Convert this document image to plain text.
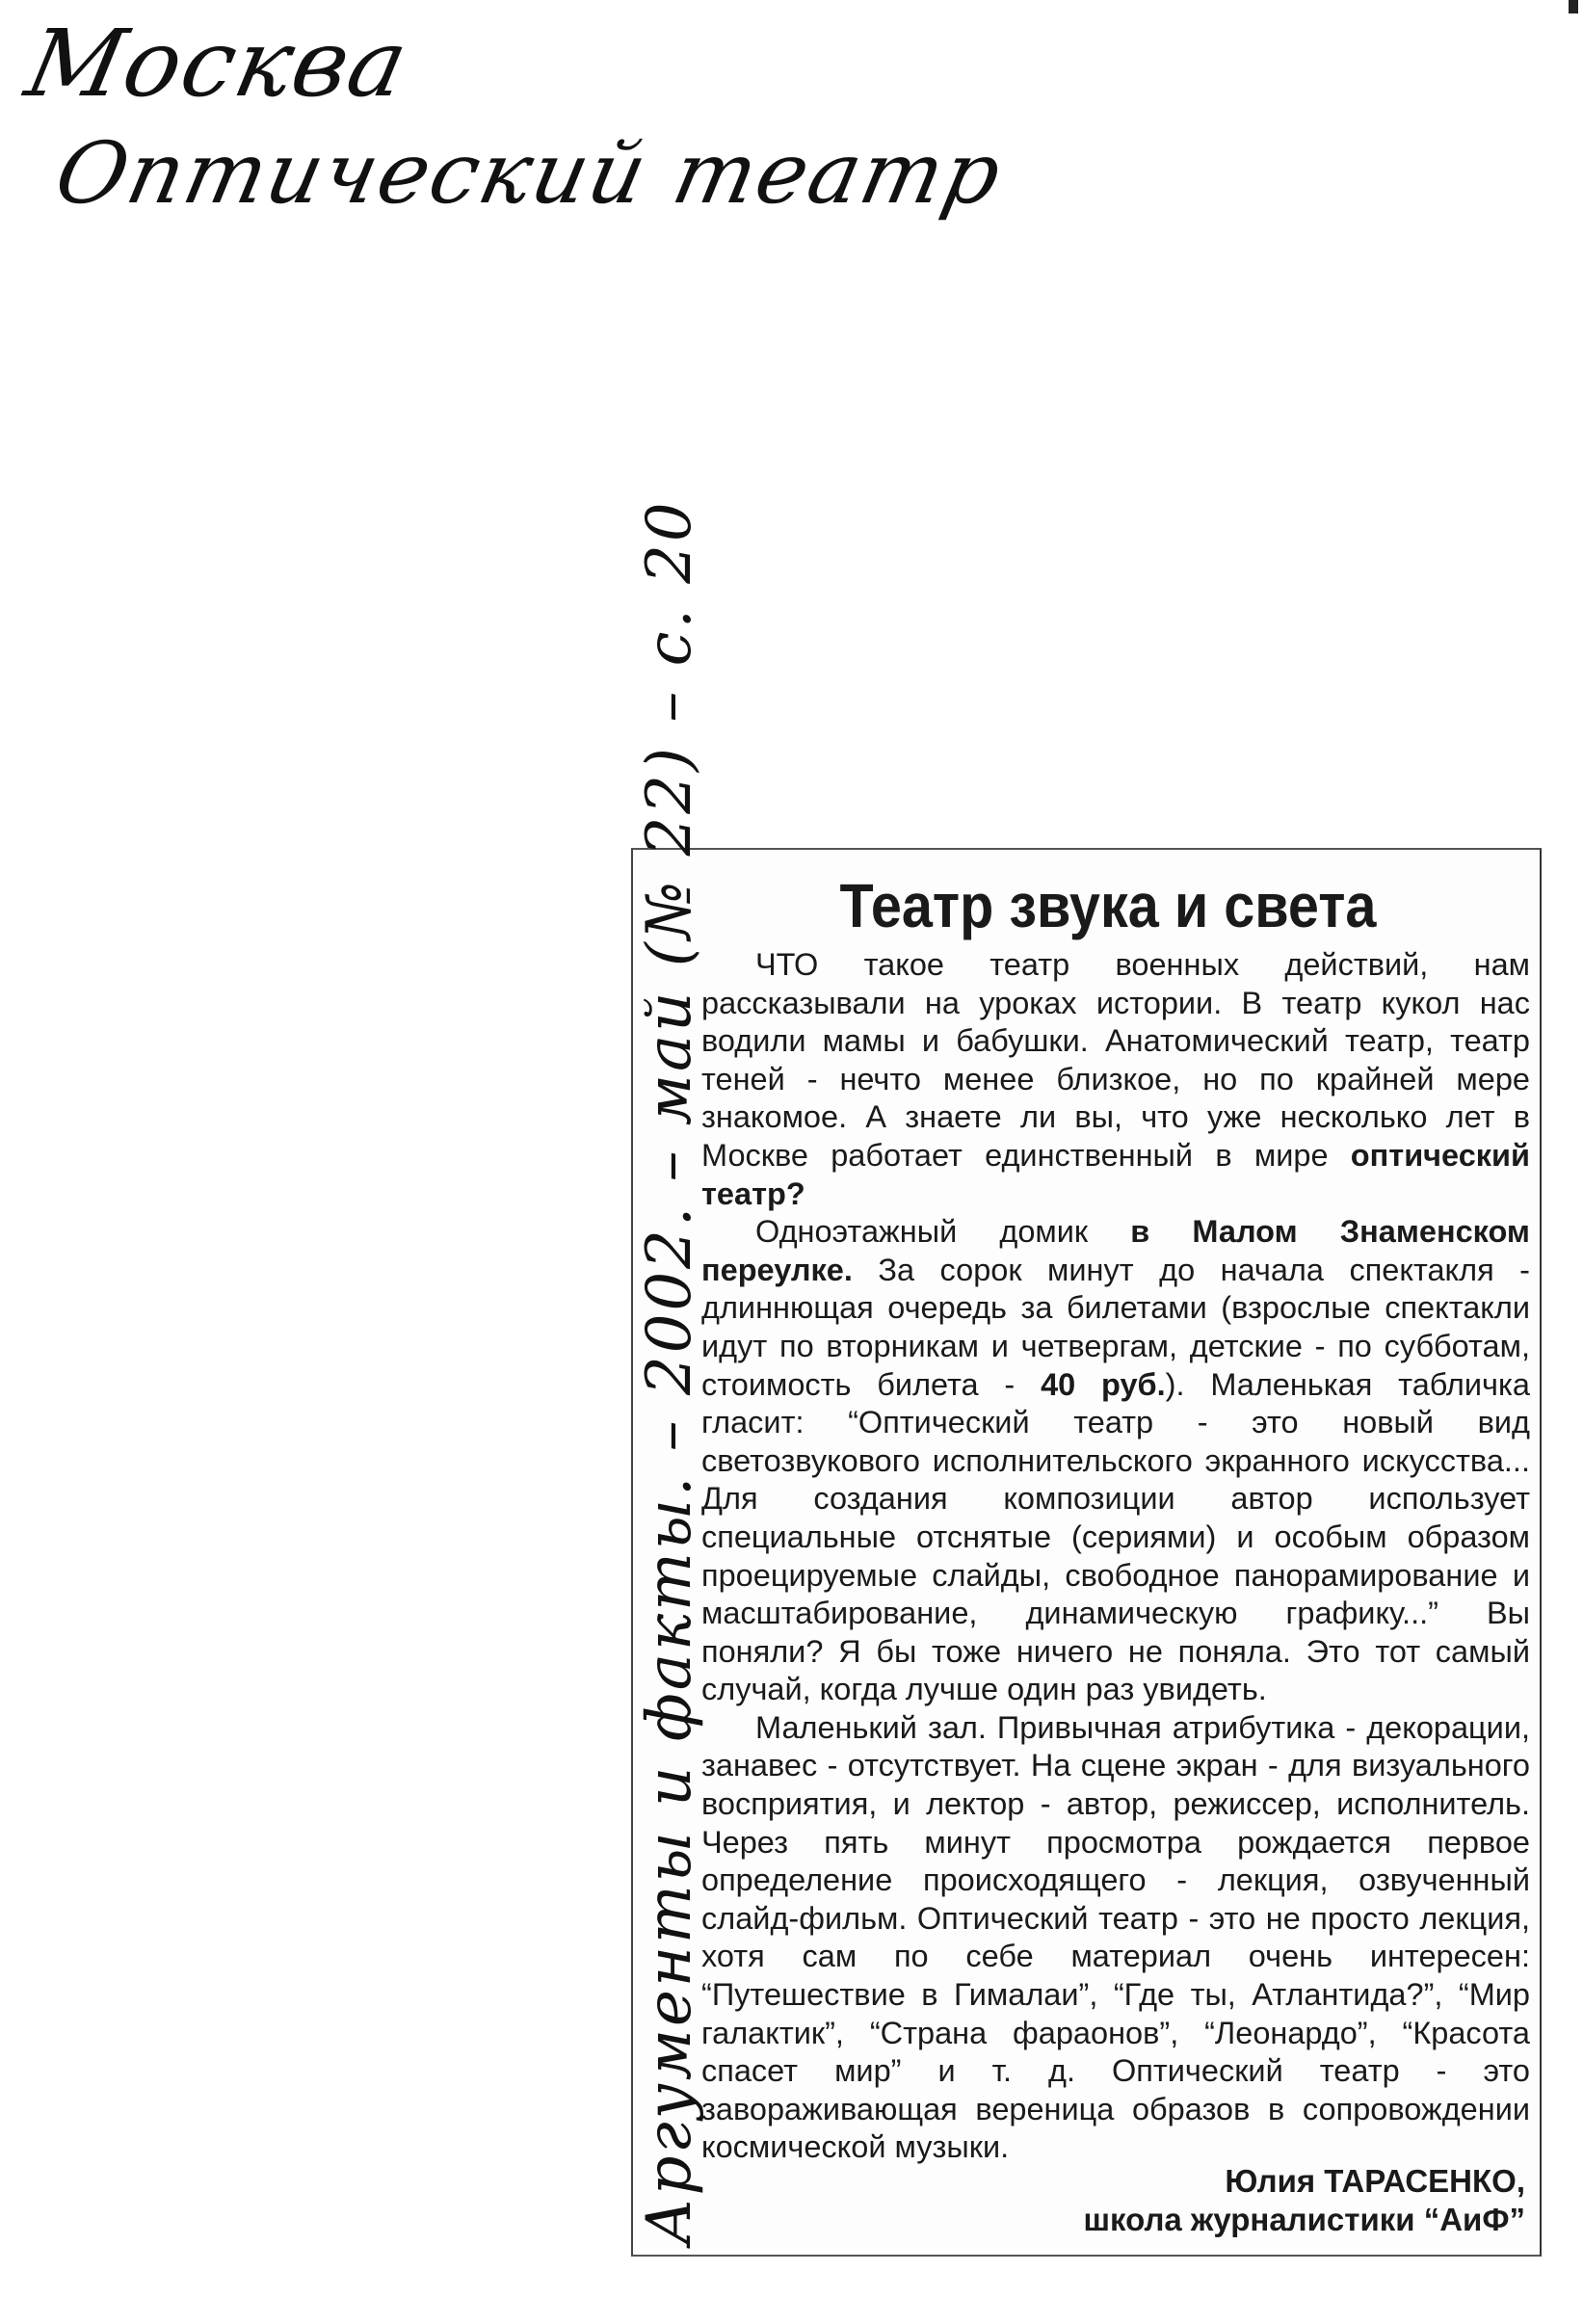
Москва
Оптический театр
Аргументы и факты. – 2002. – май (№ 22) – с. 20	Театр звука и света

ЧТО такое театр военных действий, нам рассказывали на уроках истории. В театр кукол нас водили мамы и бабушки. Анатомический театр, театр теней - нечто менее близкое, но по крайней мере знакомое. А знаете ли вы, что уже несколько лет в Москве работает единственный в мире оптический театр?

Одноэтажный домик в Малом Знаменском переулке. За сорок минут до начала спектакля - длиннющая очередь за билетами (взрослые спектакли идут по вторникам и четвергам, детские - по субботам, стоимость билета - 40 руб.). Маленькая табличка гласит: “Оптический театр - это новый вид светозвукового исполнительского экранного искусства... Для создания композиции автор использует специальные отснятые (сериями) и особым образом проецируемые слайды, свободное панорамирование и масштабирование, динамическую графику...” Вы поняли? Я бы тоже ничего не поняла. Это тот самый случай, когда лучше один раз увидеть.

Маленький зал. Привычная атрибутика - декорации, занавес - отсутствует. На сцене экран - для визуального восприятия, и лектор - автор, режиссер, исполнитель. Через пять минут просмотра рождается первое определение происходящего - лекция, озвученный слайд-фильм. Оптический театр - это не просто лекция, хотя сам по себе материал очень интересен: “Путешествие в Гималаи”, “Где ты, Атлантида?”, “Мир галактик”, “Страна фараонов”, “Леонардо”, “Красота спасет мир” и т. д. Оптический театр - это завораживающая вереница образов в сопровождении космической музыки.

Юлия ТАРАСЕНКО,
школа журналистики “АиФ”
